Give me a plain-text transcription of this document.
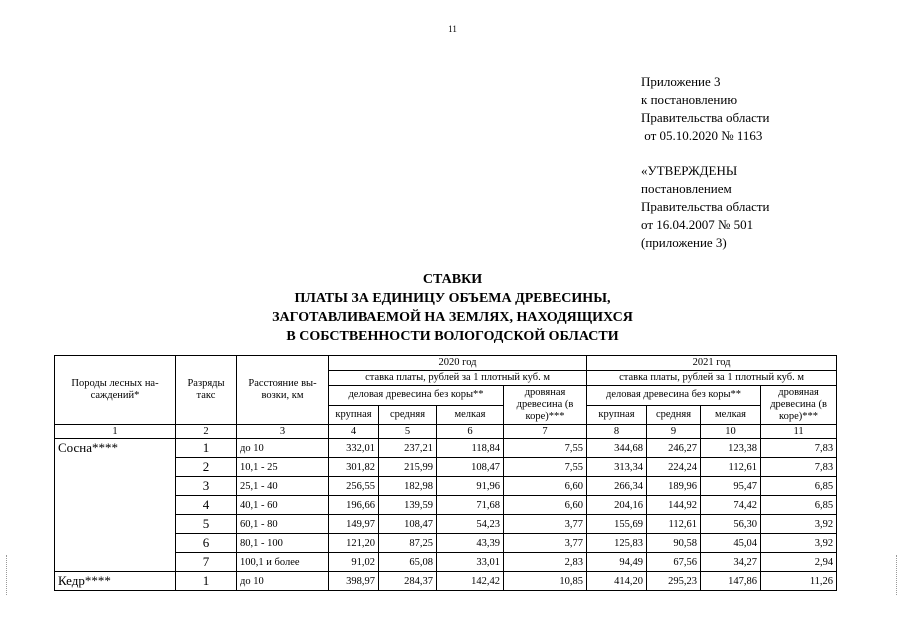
11
Приложение 3
к постановлению
Правительства области
от 05.10.2020 № 1163
«УТВЕРЖДЕНЫ
постановлением
Правительства области
от 16.04.2007 № 501
(приложение 3)
СТАВКИ
ПЛАТЫ ЗА ЕДИНИЦУ ОБЪЕМА ДРЕВЕСИНЫ,
ЗАГОТАВЛИВАЕМОЙ НА ЗЕМЛЯХ, НАХОДЯЩИХСЯ
В СОБСТВЕННОСТИ ВОЛОГОДСКОЙ ОБЛАСТИ
Породы лесных на-саждений*	Разряды такс	Расстояние вы-возки, км	2020 год				2021 год			
			ставка платы, рублей за 1 плотный куб. м				ставка платы, рублей за 1 плотный куб. м			
			деловая древесина без коры**			дровяная древесина (в коре)***	деловая древесина без коры**			дровяная древесина (в коре)***
			крупная	средняя	мелкая		крупная	средняя	мелкая	
1	2	3	4	5	6	7	8	9	10	11
Сосна****	1	до 10	332,01	237,21	118,84	7,55	344,68	246,27	123,38	7,83
	2	10,1 - 25	301,82	215,99	108,47	7,55	313,34	224,24	112,61	7,83
	3	25,1 - 40	256,55	182,98	91,96	6,60	266,34	189,96	95,47	6,85
	4	40,1 - 60	196,66	139,59	71,68	6,60	204,16	144,92	74,42	6,85
	5	60,1 - 80	149,97	108,47	54,23	3,77	155,69	112,61	56,30	3,92
	6	80,1 - 100	121,20	87,25	43,39	3,77	125,83	90,58	45,04	3,92
	7	100,1 и более	91,02	65,08	33,01	2,83	94,49	67,56	34,27	2,94
Кедр****	1	до 10	398,97	284,37	142,42	10,85	414,20	295,23	147,86	11,26
